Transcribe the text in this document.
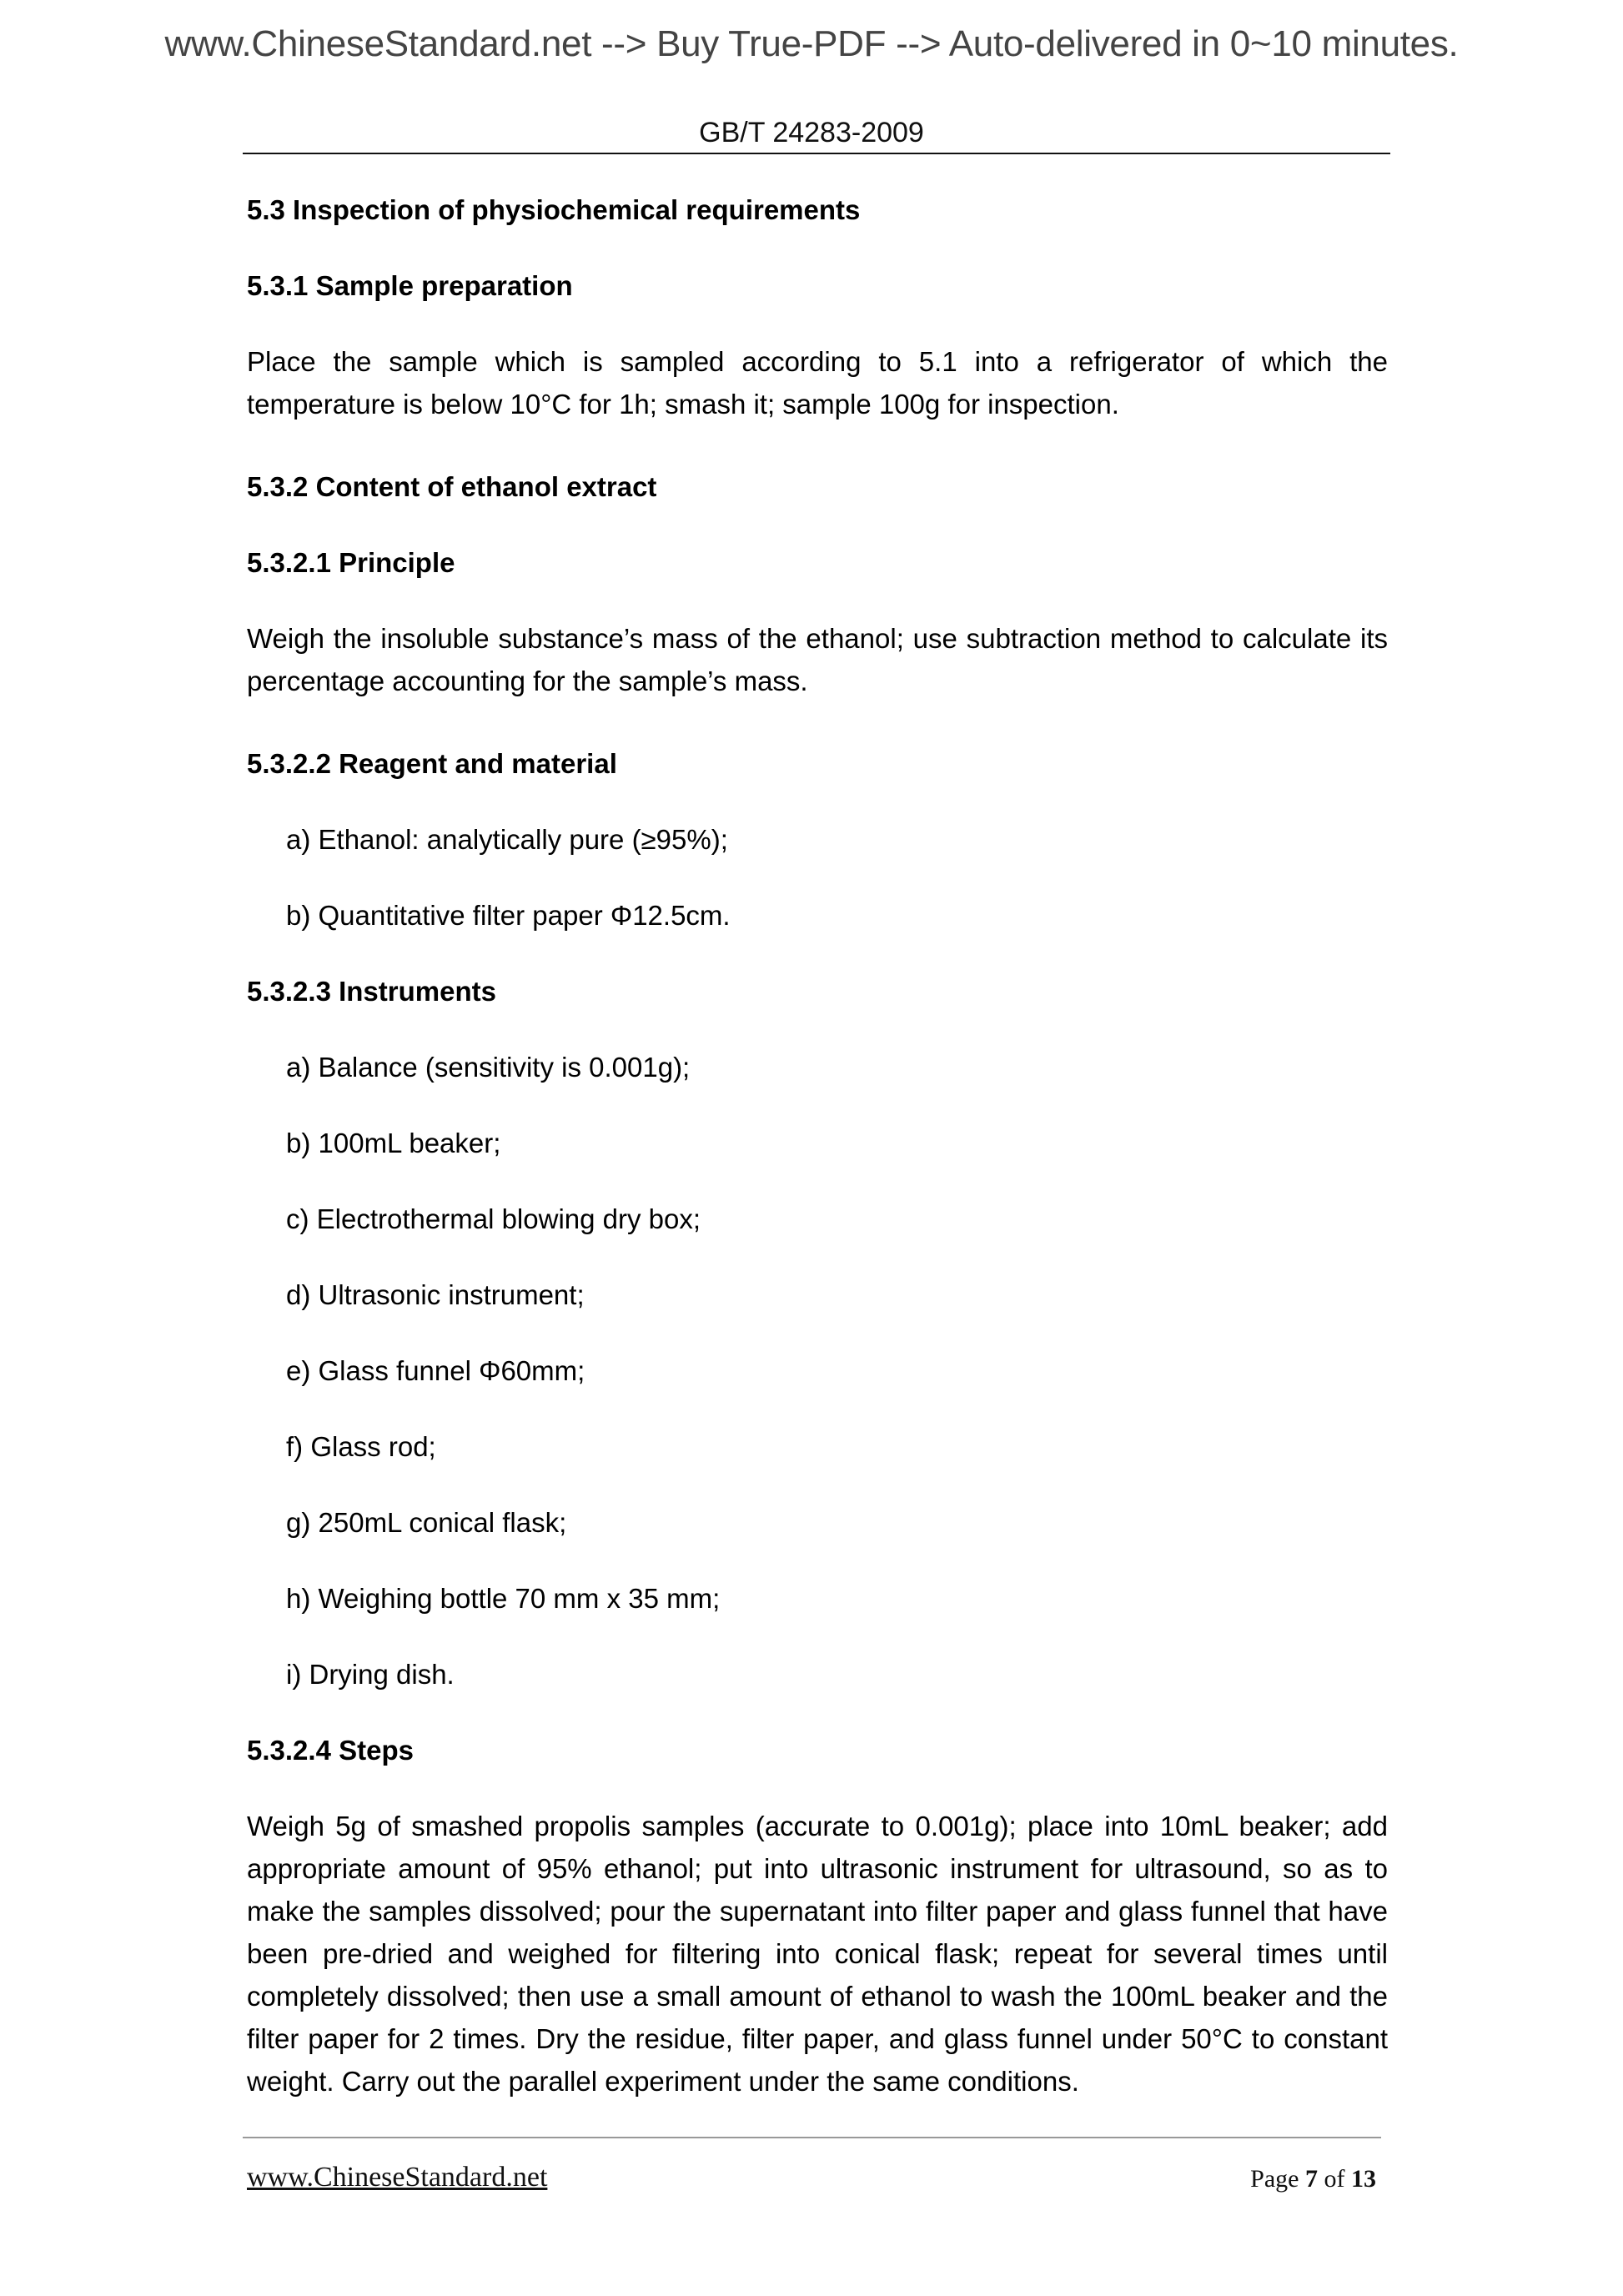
www.ChineseStandard.net --> Buy True-PDF --> Auto-delivered in 0~10 minutes.
GB/T 24283-2009
5.3 Inspection of physiochemical requirements
5.3.1 Sample preparation

Place the sample which is sampled according to 5.1 into a refrigerator of which the temperature is below 10°C for 1h; smash it; sample 100g for inspection.

5.3.2 Content of ethanol extract
5.3.2.1 Principle

Weigh the insoluble substance’s mass of the ethanol; use subtraction method to calculate its percentage accounting for the sample’s mass.

5.3.2.2 Reagent and material

a) Ethanol: analytically pure (≥95%);

b) Quantitative filter paper Φ12.5cm.

5.3.2.3 Instruments

a) Balance (sensitivity is 0.001g);

b) 100mL beaker;

c) Electrothermal blowing dry box;

d) Ultrasonic instrument;

e) Glass funnel Φ60mm;

f) Glass rod;

g) 250mL conical flask;

h) Weighing bottle 70 mm x 35 mm;

i) Drying dish.

5.3.2.4 Steps

Weigh 5g of smashed propolis samples (accurate to 0.001g); place into 10mL beaker; add appropriate amount of 95% ethanol; put into ultrasonic instrument for ultrasound, so as to make the samples dissolved; pour the supernatant into filter paper and glass funnel that have been pre-dried and weighed for filtering into conical flask; repeat for several times until completely dissolved; then use a small amount of ethanol to wash the 100mL beaker and the filter paper for 2 times. Dry the residue, filter paper, and glass funnel under 50°C to constant weight. Carry out the parallel experiment under the same conditions.

www.ChineseStandard.net	Page 7 of 13
